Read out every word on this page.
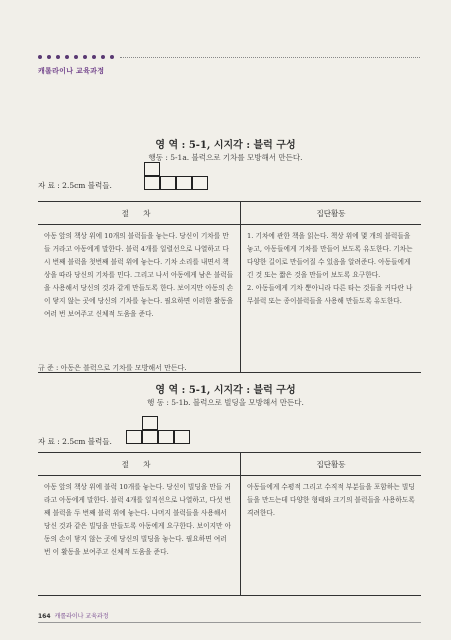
캐롤라이나 교육과정
영 역 : 5-1, 시지각 : 블럭 구성
행동 : 5-1a. 블럭으로 기차를 모방해서 만든다.
자 료 : 2.5cm 블럭들.
절 차	집단활동
아동 앞의 책상 위에 10개의 블럭들을 놓는다. 당신이 기차를 만들 거라고 아동에게 말한다. 블럭 4개를 일렬선으로 나열하고 다시 번째 블럭을 첫번째 블럭 위에 놓는다. 기차 소리를 내면서 책상을 따라 당신의 기차를 민다. 그리고 나서 아동에게 남은 블럭들을 사용해서 당신의 것과 같게 만들도록 한다. 보이지만 아동의 손이 닿지 않는 곳에 당신의 기차를 놓는다. 필요하면 이러한 활동을 여러 번 보여주고 신체적 도움을 준다.	1. 기차에 관한 책을 읽는다. 책상 위에 몇 개의 블럭들을 놓고, 아동들에게 기차를 만들어 보도록 유도한다. 기차는 다양한 길이로 만들어질 수 있음을 알려준다. 아동들에게 긴 것 또는 짧은 것을 만들어 보도록 요구한다.
2. 아동들에게 기차 뿐아니라 다른 타는 것들을 커다란 나무블럭 또는 종이블럭들을 사용해 만들도록 유도한다.
규 준 : 아동은 블럭으로 기차를 모방해서 만든다.
영 역 : 5-1, 시지각 : 블럭 구성
행 동 : 5-1b. 블럭으로 빌딩을 모방해서 만든다.
자 료 : 2.5cm 블럭들.
절 차	집단활동
아동 앞의 책상 위에 블럭 10개를 놓는다. 당신이 빌딩을 만들 거라고 아동에게 말한다. 블럭 4개를 일직선으로 나열하고, 다섯 번째 블럭을 두 번째 블럭 위에 놓는다. 나머지 블럭들을 사용해서 당신 것과 같은 빌딩을 만들도록 아동에게 요구한다. 보이지만 아동의 손이 닿지 않는 곳에 당신의 빌딩을 놓는다. 필요하면 여러 번 이 활동을 보여주고 신체적 도움을 준다.	아동들에게 수평적 그리고 수직적 부분들을 포함하는 빌딩들을 만드는데 다양한 형태와 크기의 블럭들을 사용하도록 격려한다.
164 캐롤라이나 교육과정
